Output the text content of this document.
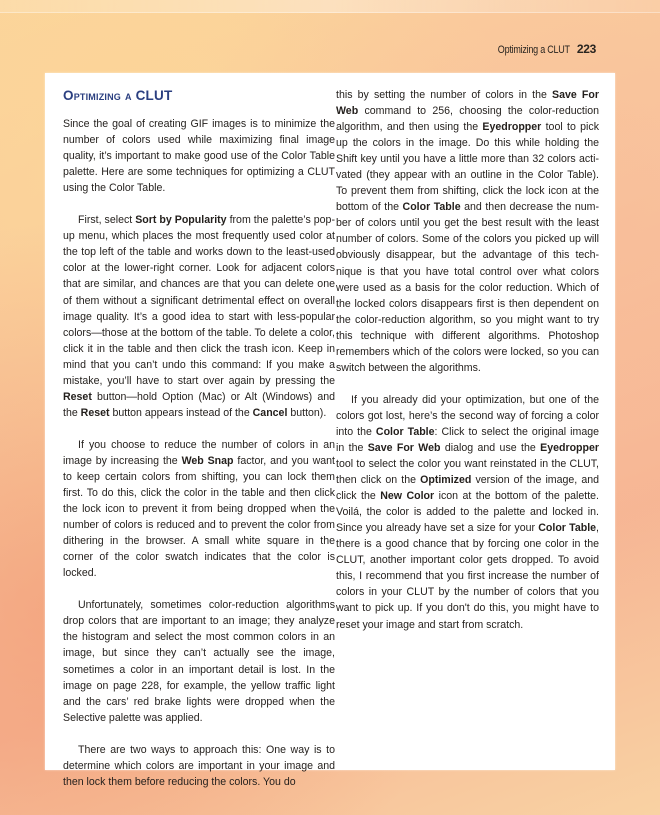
Optimizing a CLUT 223
Optimizing a CLUT

Since the goal of creating GIF images is to minimize the number of colors used while maximizing final image quality, it’s important to make good use of the Color Table palette. Here are some techniques for optimizing a CLUT using the Color Table.

First, select Sort by Popularity from the palette’s pop-up menu, which places the most frequently used color at the top left of the table and works down to the least-used color at the lower-right corner. Look for adjacent colors that are similar, and chances are that you can delete one of them without a significant detrimental effect on overall image quality. It’s a good idea to start with less-popular colors—those at the bottom of the table. To delete a color, click it in the table and then click the trash icon. Keep in mind that you can’t undo this command: If you make a mistake, you’ll have to start over again by pressing the Reset button—hold Option (Mac) or Alt (Windows) and the Reset button appears instead of the Cancel button).

If you choose to reduce the number of colors in an image by increasing the Web Snap factor, and you want to keep certain colors from shifting, you can lock them first. To do this, click the color in the table and then click the lock icon to prevent it from being dropped when the number of colors is reduced and to prevent the color from dithering in the browser. A small white square in the corner of the color swatch indicates that the color is locked.

Unfortunately, sometimes color-reduction algorithms drop colors that are important to an image; they analyze the histogram and select the most common colors in an image, but since they can’t actually see the image, sometimes a color in an important detail is lost. In the image on page 228, for example, the yellow traffic light and the cars’ red brake lights were dropped when the Selective palette was applied.

There are two ways to approach this: One way is to determine which colors are important in your image and then lock them before reducing the colors. You do

this by setting the number of colors in the Save For Web command to 256, choosing the color-reduction algorithm, and then using the Eyedropper tool to pick up the colors in the image. Do this while holding the Shift key until you have a little more than 32 colors activated (they appear with an outline in the Color Table). To prevent them from shifting, click the lock icon at the bottom of the Color Table and then decrease the number of colors until you get the best result with the least number of colors. Some of the colors you picked up will obviously disappear, but the advantage of this technique is that you have total control over what colors were used as a basis for the color reduction. Which of the locked colors disappears first is then dependent on the color-reduction algorithm, so you might want to try this technique with different algorithms. Photoshop remembers which of the colors were locked, so you can switch between the algorithms.

If you already did your optimization, but one of the colors got lost, here’s the second way of forcing a color into the Color Table: Click to select the original image in the Save For Web dialog and use the Eyedropper tool to select the color you want reinstated in the CLUT, then click on the Optimized version of the image, and click the New Color icon at the bottom of the palette. Voilá, the color is added to the palette and locked in. Since you already have set a size for your Color Table, there is a good chance that by forcing one color in the CLUT, another important color gets dropped. To avoid this, I recommend that you first increase the number of colors in your CLUT by the number of colors that you want to pick up. If you don't do this, you might have to reset your image and start from scratch.
